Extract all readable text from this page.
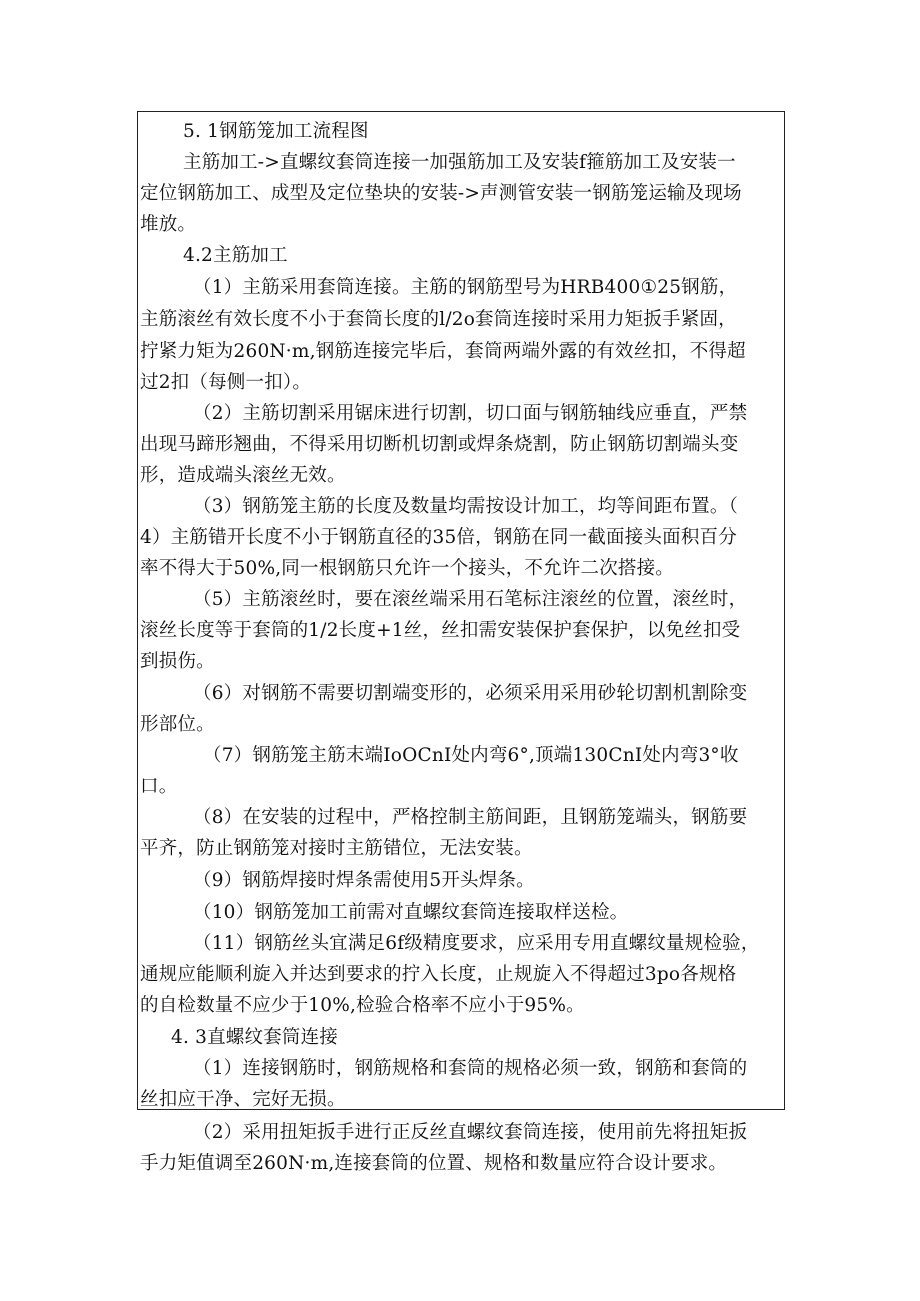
5. 1钢筋笼加工流程图
主筋加工->直螺纹套筒连接一加强筋加工及安装f箍筋加工及安装一
定位钢筋加工、成型及定位垫块的安装->声测管安装一钢筋笼运输及现场
堆放。
4.2主筋加工
（1）主筋采用套筒连接。主筋的钢筋型号为HRB400①25钢筋，
主筋滚丝有效长度不小于套筒长度的l/2o套筒连接时采用力矩扳手紧固，
拧紧力矩为260N·m,钢筋连接完毕后，套筒两端外露的有效丝扣，不得超
过2扣（每侧一扣）。
（2）主筋切割采用锯床进行切割，切口面与钢筋轴线应垂直，严禁
出现马蹄形翘曲，不得采用切断机切割或焊条烧割，防止钢筋切割端头变
形，造成端头滚丝无效。
（3）钢筋笼主筋的长度及数量均需按设计加工，均等间距布置。（
4）主筋错开长度不小于钢筋直径的35倍，钢筋在同一截面接头面积百分
率不得大于50%,同一根钢筋只允许一个接头，不允许二次搭接。
（5）主筋滚丝时，要在滚丝端采用石笔标注滚丝的位置，滚丝时，
滚丝长度等于套筒的1/2长度+1丝，丝扣需安装保护套保护，以免丝扣受
到损伤。
（6）对钢筋不需要切割端变形的，必须采用采用砂轮切割机割除变
形部位。
（7）钢筋笼主筋末端IoOCnI处内弯6°,顶端130CnI处内弯3°收
口。
（8）在安装的过程中，严格控制主筋间距，且钢筋笼端头，钢筋要
平齐，防止钢筋笼对接时主筋错位，无法安装。
（9）钢筋焊接时焊条需使用5开头焊条。
（10）钢筋笼加工前需对直螺纹套筒连接取样送检。
（11）钢筋丝头宜满足6f级精度要求，应采用专用直螺纹量规检验，
通规应能顺利旋入并达到要求的拧入长度，止规旋入不得超过3po各规格
的自检数量不应少于10%,检验合格率不应小于95%。
4. 3直螺纹套筒连接
（1）连接钢筋时，钢筋规格和套筒的规格必须一致，钢筋和套筒的
丝扣应干净、完好无损。
（2）采用扭矩扳手进行正反丝直螺纹套筒连接，使用前先将扭矩扳
手力矩值调至260N·m,连接套筒的位置、规格和数量应符合设计要求。
